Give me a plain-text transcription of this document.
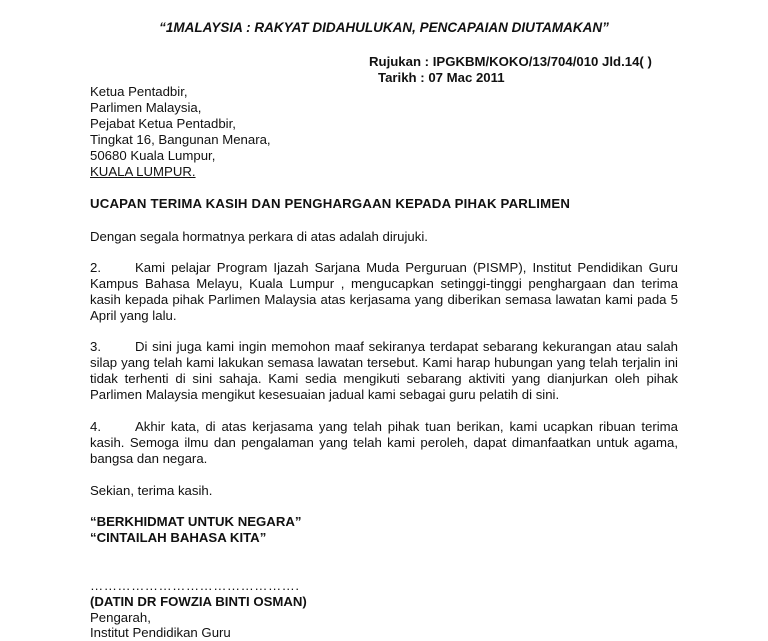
“1MALAYSIA : RAKYAT DIDAHULUKAN, PENCAPAIAN DIUTAMAKAN”
Rujukan : IPGKBM/KOKO/13/704/010 Jld.14( )
Tarikh : 07 Mac 2011
Ketua Pentadbir,
Parlimen Malaysia,
Pejabat Ketua Pentadbir,
Tingkat 16, Bangunan Menara,
50680 Kuala Lumpur,
KUALA LUMPUR.
UCAPAN TERIMA KASIH DAN PENGHARGAAN KEPADA PIHAK PARLIMEN
Dengan segala hormatnya perkara di atas adalah dirujuki.
2.	Kami pelajar Program Ijazah Sarjana Muda Perguruan (PISMP), Institut Pendidikan Guru Kampus Bahasa Melayu, Kuala Lumpur , mengucapkan setinggi-tinggi penghargaan dan terima kasih kepada pihak Parlimen Malaysia atas kerjasama yang diberikan semasa lawatan kami pada 5 April yang lalu.
3.	Di sini juga kami ingin memohon maaf sekiranya terdapat sebarang kekurangan atau salah silap yang telah kami lakukan semasa lawatan tersebut. Kami harap hubungan yang telah terjalin ini tidak terhenti di sini sahaja. Kami sedia mengikuti sebarang aktiviti yang dianjurkan oleh pihak Parlimen Malaysia mengikut kesesuaian jadual kami sebagai guru pelatih di sini.
4.	Akhir kata, di atas kerjasama yang telah pihak tuan berikan, kami ucapkan ribuan terima kasih. Semoga ilmu dan pengalaman yang telah kami peroleh, dapat dimanfaatkan untuk agama, bangsa dan negara.
Sekian, terima kasih.
“BERKHIDMAT UNTUK NEGARA”
“CINTAILAH BAHASA KITA”
……………………………………….
(DATIN DR FOWZIA BINTI OSMAN)
Pengarah,
Institut Pendidikan Guru
